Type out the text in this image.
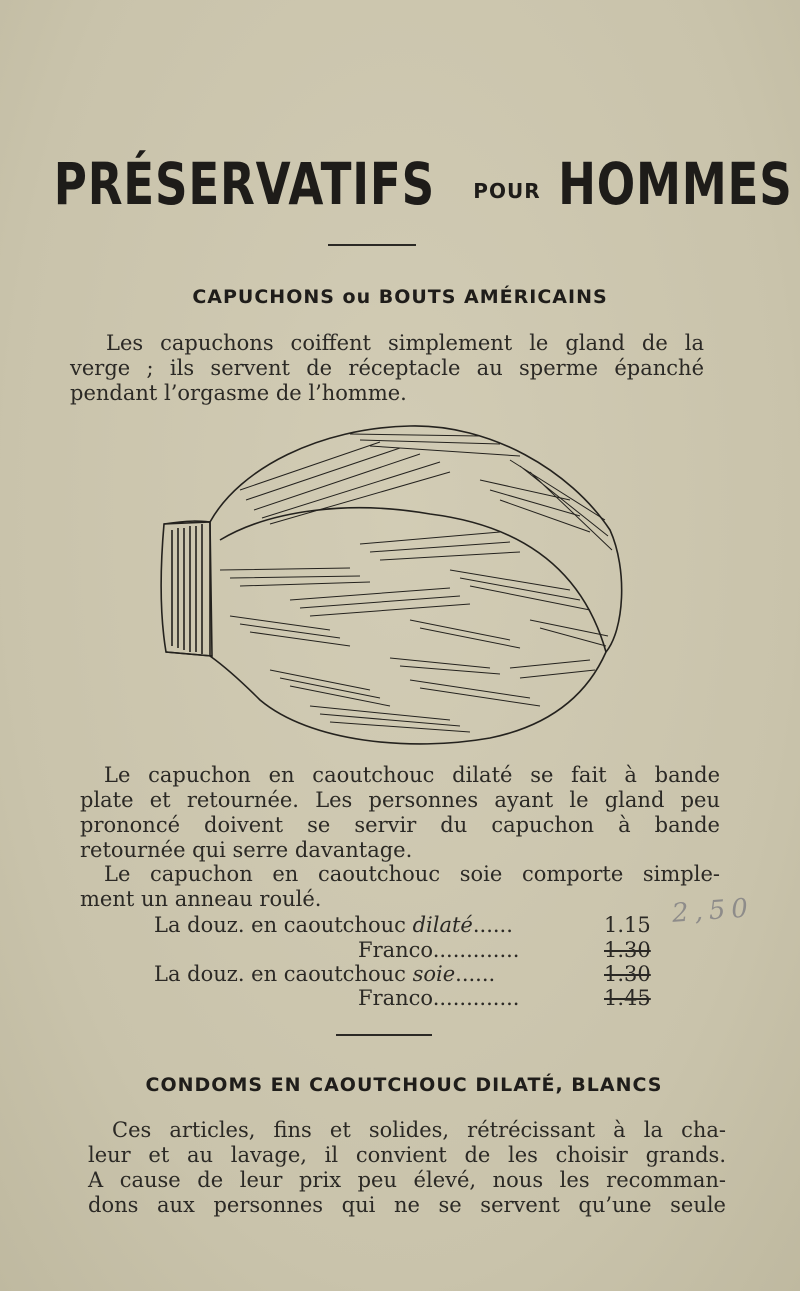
PRÉSERVATIFS POUR HOMMES
CAPUCHONS ou BOUTS AMÉRICAINS
Les capuchons coiffent simplement le gland de la
verge ; ils servent de réceptacle au sperme épanché
pendant l’orgasme de l’homme.
Le capuchon en caoutchouc dilaté se fait à bande
plate et retournée. Les personnes ayant le gland peu
prononcé doivent se servir du capuchon à bande
retournée qui serre davantage.
Le capuchon en caoutchouc soie comporte simple-
ment un anneau roulé.
La douz. en caoutchouc dilaté......	1.15
Franco.............	1.30
La douz. en caoutchouc soie......	1.30
Franco.............	1.45
2,50
CONDOMS EN CAOUTCHOUC DILATÉ, BLANCS
Ces articles, fins et solides, rétrécissant à la cha-
leur et au lavage, il convient de les choisir grands.
A cause de leur prix peu élevé, nous les recomman-
dons aux personnes qui ne se servent qu’une seule
